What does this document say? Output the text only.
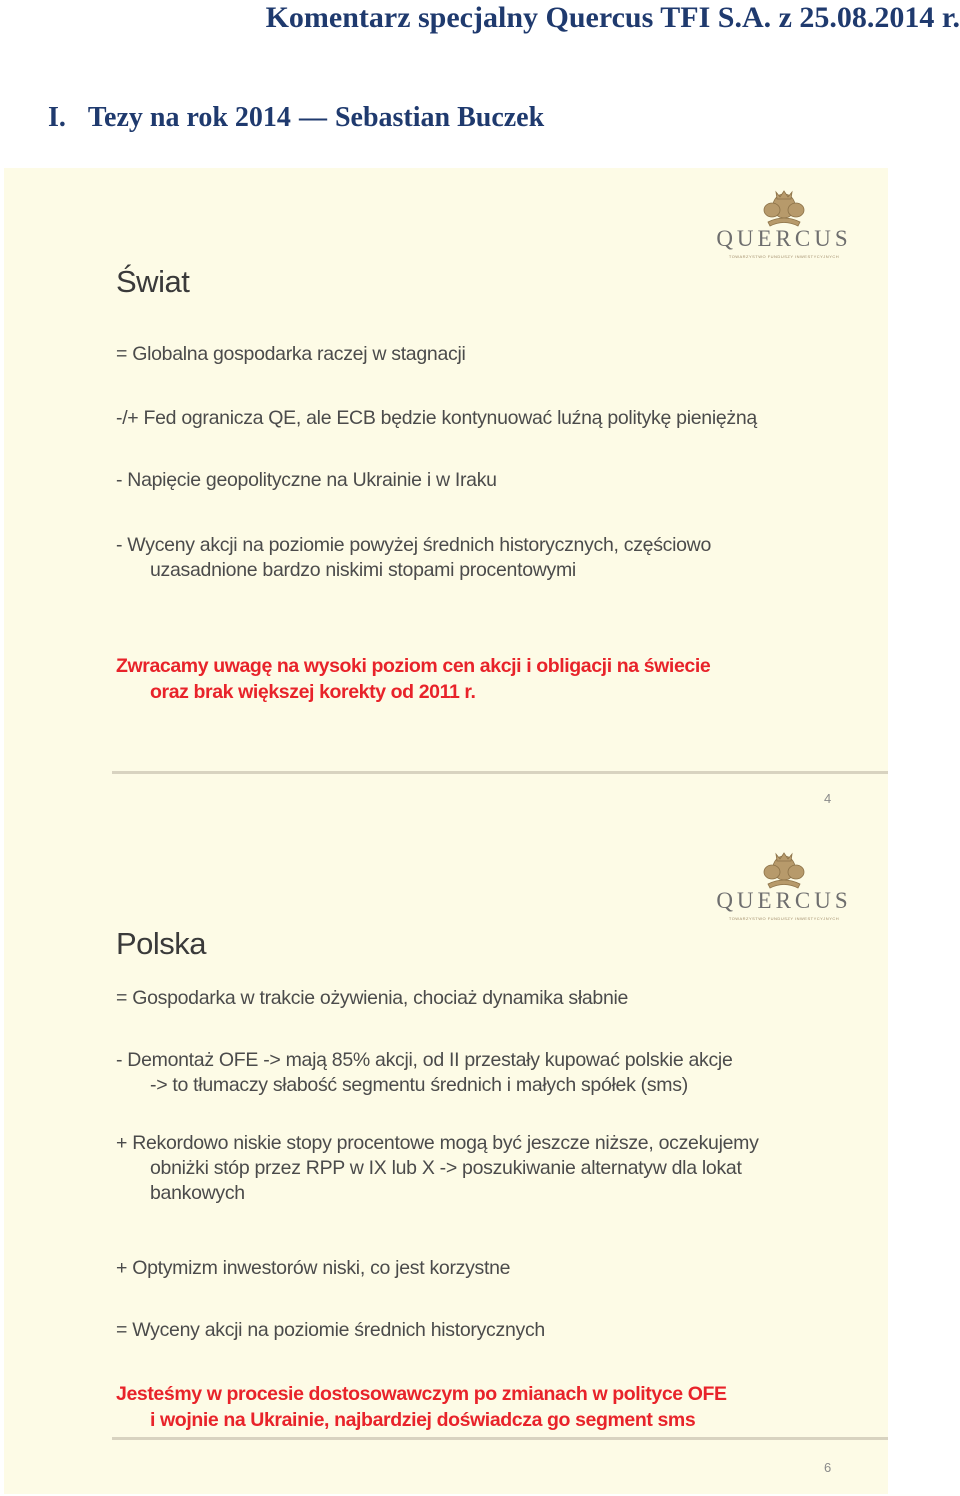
Komentarz specjalny Quercus TFI S.A. z 25.08.2014 r.
I. Tezy na rok 2014 — Sebastian Buczek
QUERCUS
TOWARZYSTWO FUNDUSZY INWESTYCYJNYCH
Świat
= Globalna gospodarka raczej w stagnacji
-/+ Fed ogranicza QE, ale ECB będzie kontynuować luźną politykę pieniężną
- Napięcie geopolityczne na Ukrainie i w Iraku
- Wyceny akcji na poziomie powyżej średnich historycznych, częściowo
uzasadnione bardzo niskimi stopami procentowymi
Zwracamy uwagę na wysoki poziom cen akcji i obligacji na świecie
oraz brak większej korekty od 2011 r.
4
QUERCUS
TOWARZYSTWO FUNDUSZY INWESTYCYJNYCH
Polska
= Gospodarka w trakcie ożywienia, chociaż dynamika słabnie
- Demontaż OFE -> mają 85% akcji, od II przestały kupować polskie akcje
-> to tłumaczy słabość segmentu średnich i małych spółek (sms)
+ Rekordowo niskie stopy procentowe mogą być jeszcze niższe, oczekujemy
obniżki stóp przez RPP w IX lub X -> poszukiwanie alternatyw dla lokat
bankowych
+ Optymizm inwestorów niski, co jest korzystne
= Wyceny akcji na poziomie średnich historycznych
Jesteśmy w procesie dostosowawczym po zmianach w polityce OFE
i wojnie na Ukrainie, najbardziej doświadcza go segment sms
6
